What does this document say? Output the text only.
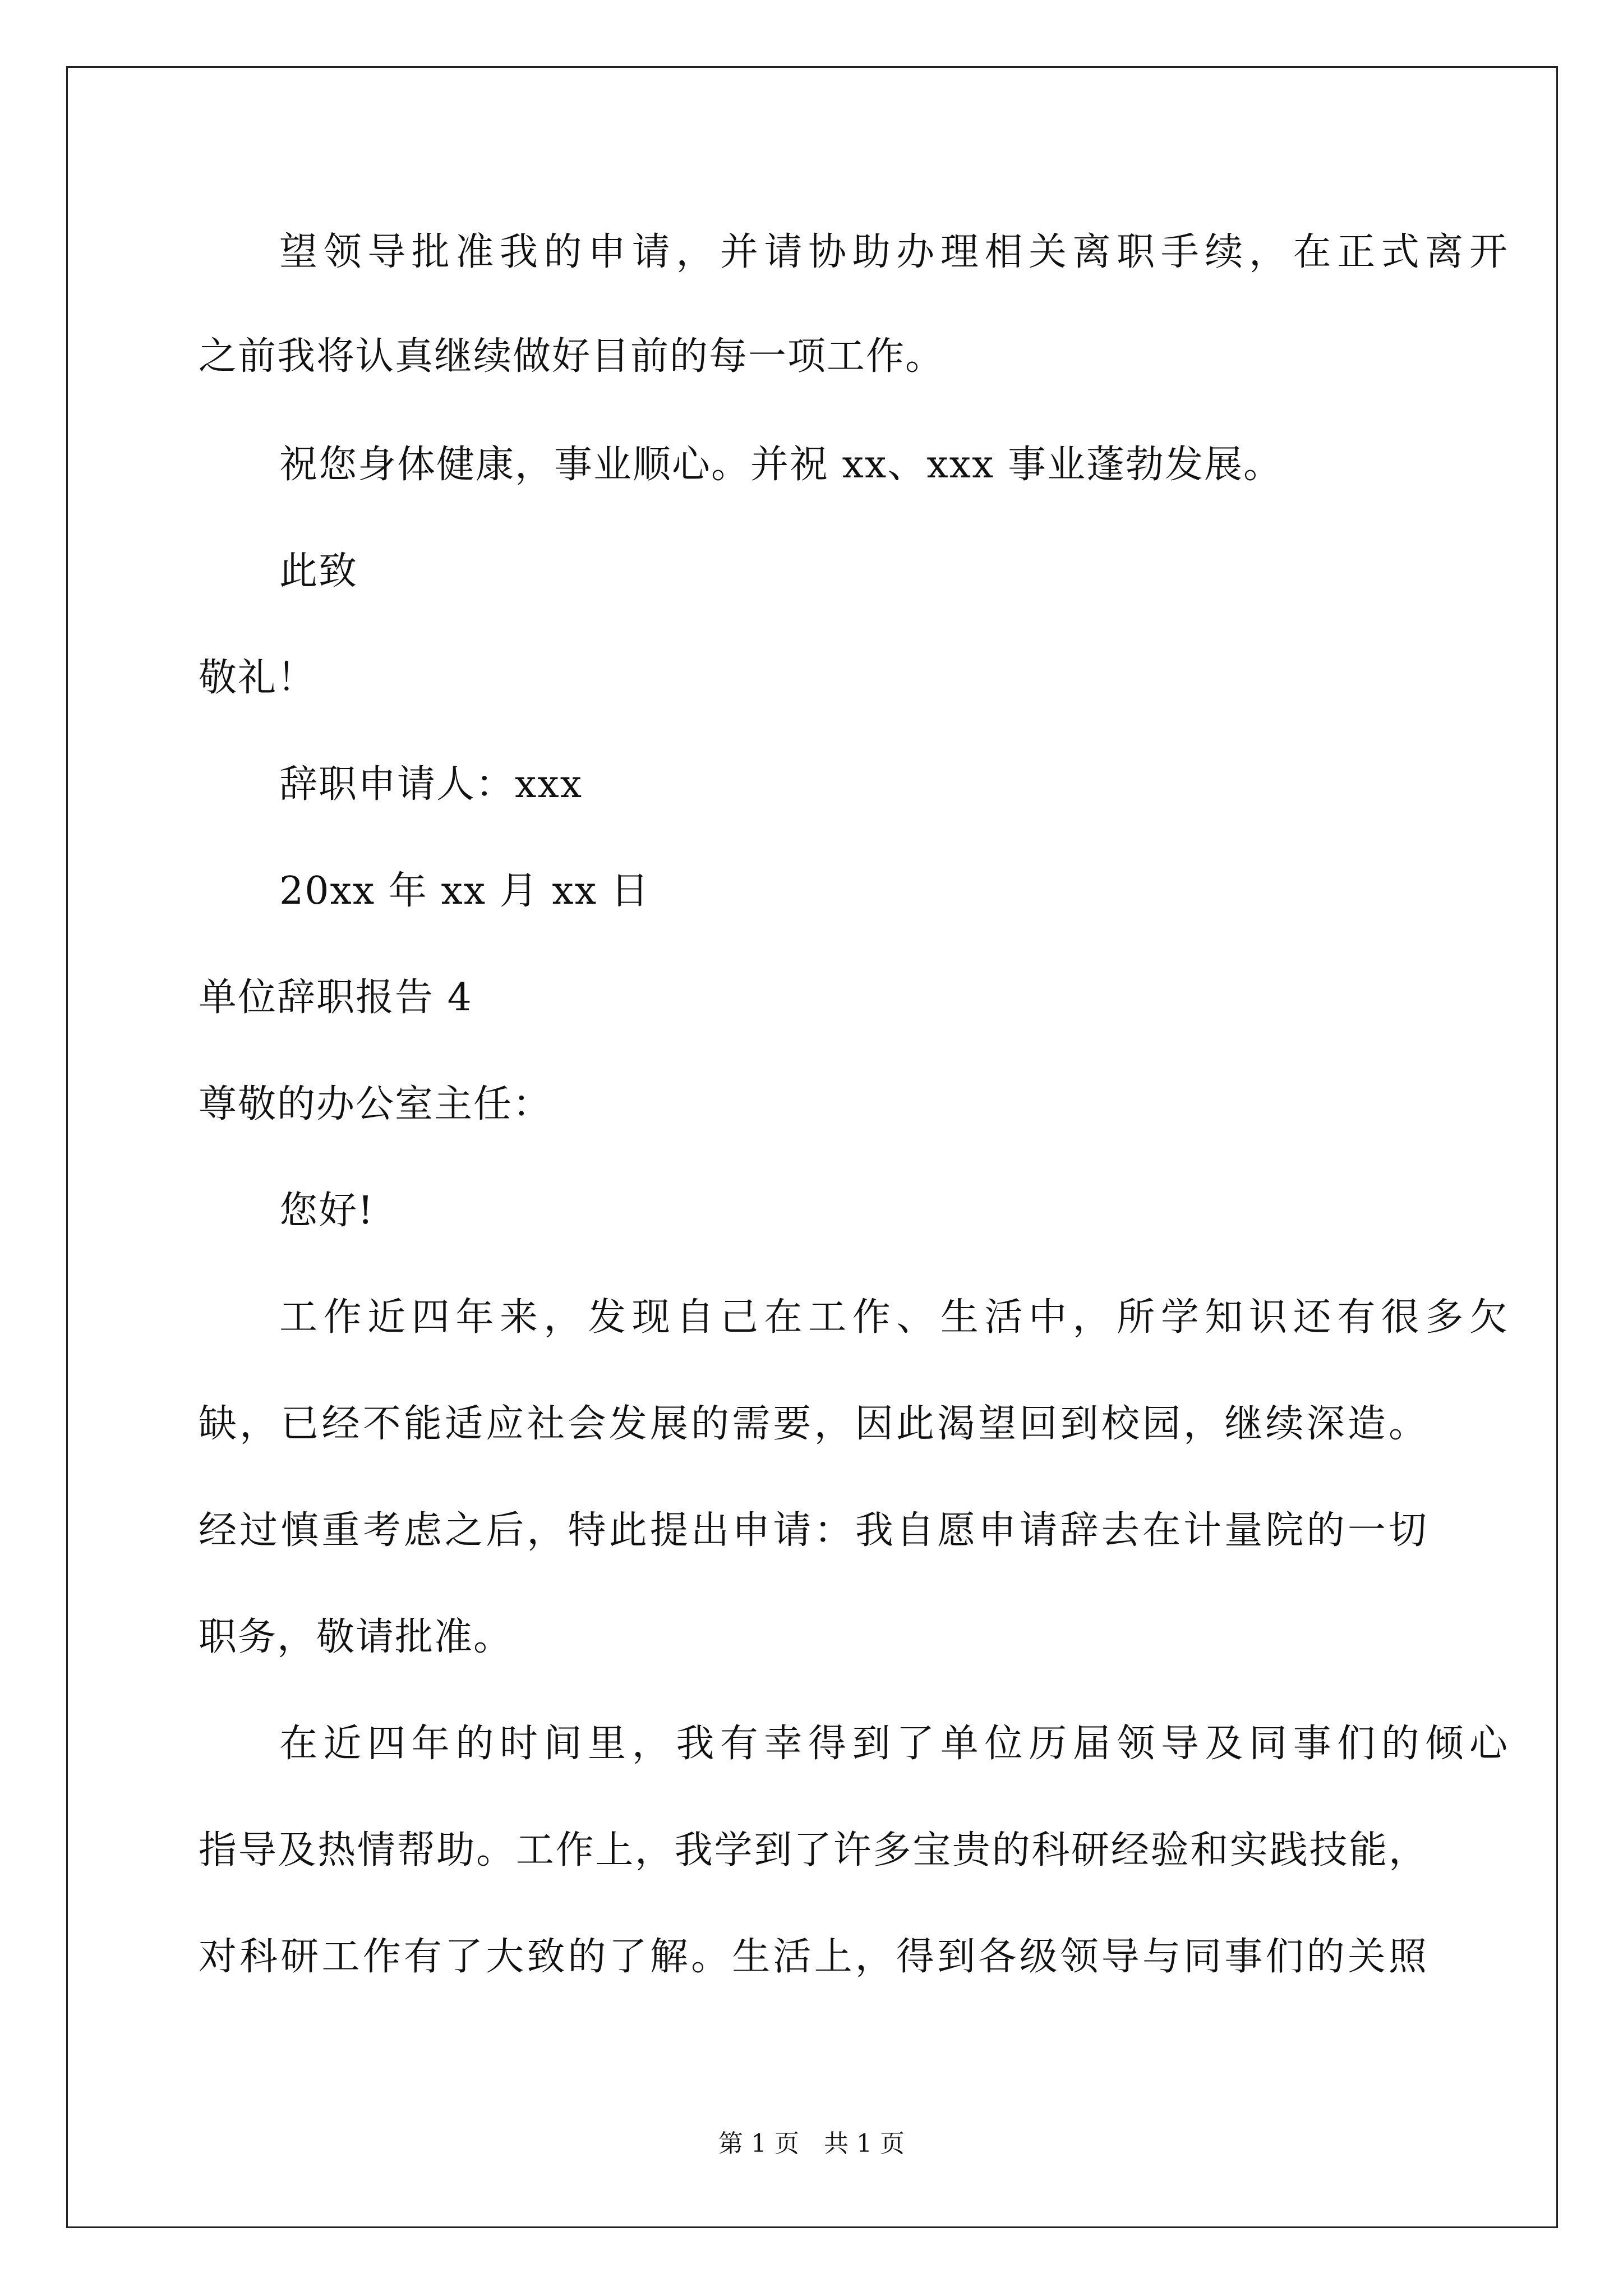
望领导批准我的申请，并请协助办理相关离职手续，在正式离开
之前我将认真继续做好目前的每一项工作。
祝您身体健康，事业顺心。并祝 xx、xxx 事业蓬勃发展。
此致
敬礼！
辞职申请人：xxx
20xx 年 xx 月 xx 日
单位辞职报告 4
尊敬的办公室主任：
您好!
工作近四年来，发现自己在工作、生活中，所学知识还有很多欠
缺，已经不能适应社会发展的需要，因此渴望回到校园，继续深造。
经过慎重考虑之后，特此提出申请：我自愿申请辞去在计量院的一切
职务，敬请批准。
在近四年的时间里，我有幸得到了单位历届领导及同事们的倾心
指导及热情帮助。工作上，我学到了许多宝贵的科研经验和实践技能，
对科研工作有了大致的了解。生活上，得到各级领导与同事们的关照
第 1 页　共 1 页
